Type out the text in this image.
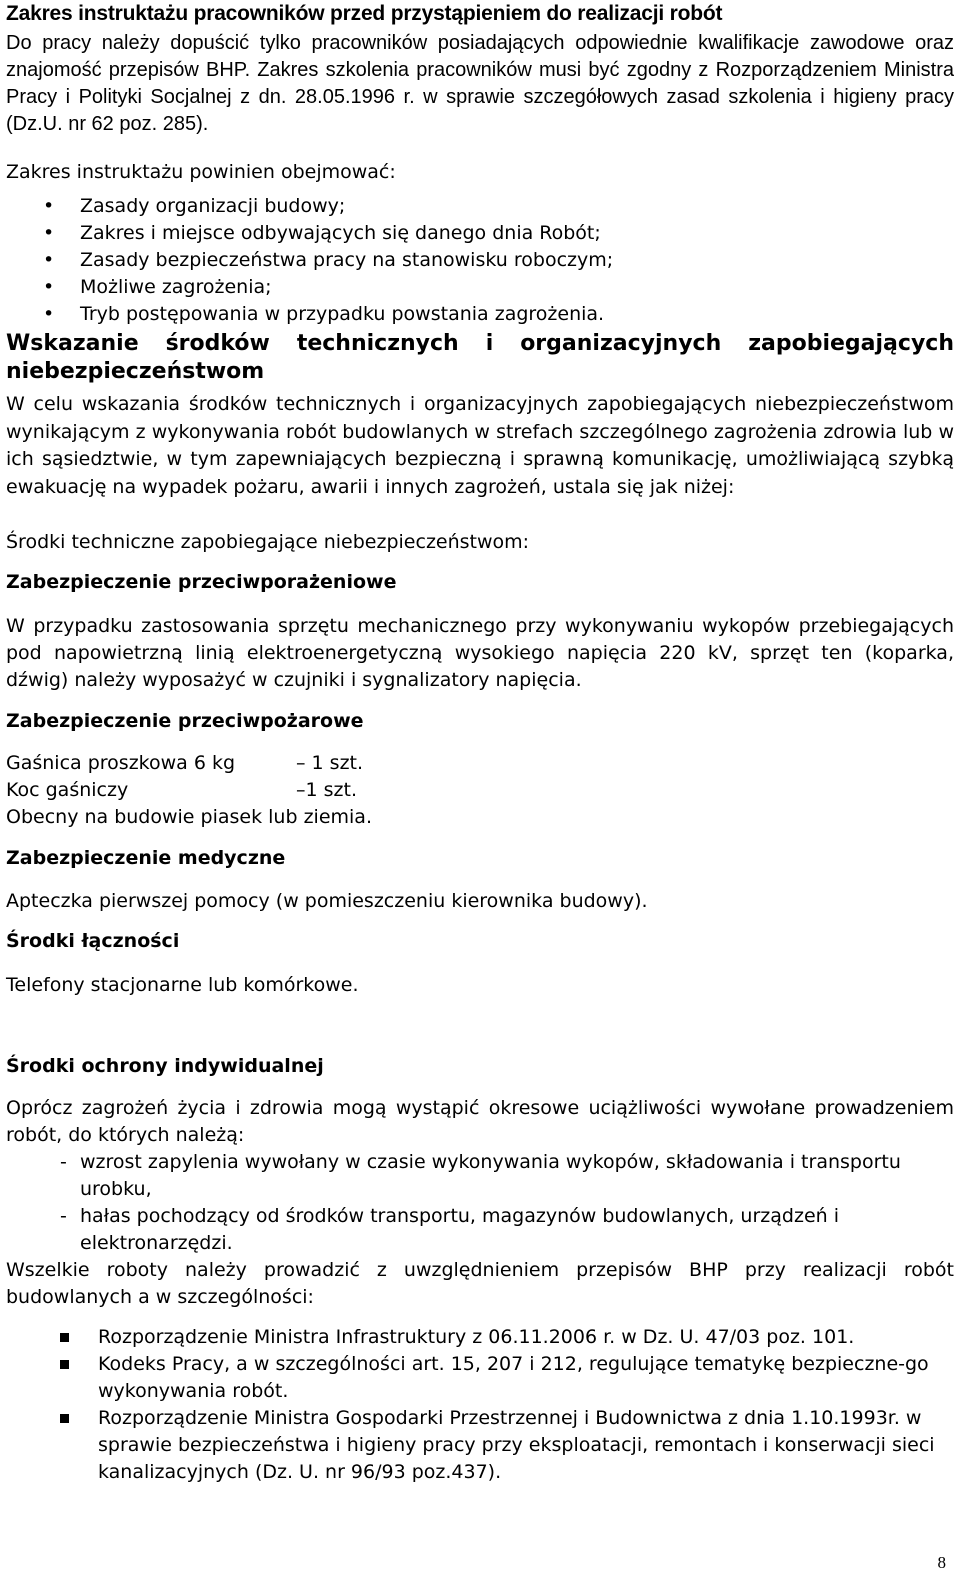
Zakres instruktażu pracowników przed przystąpieniem do realizacji robót

Do pracy należy dopuścić tylko pracowników posiadających odpowiednie kwalifikacje zawodowe oraz znajomość przepisów BHP. Zakres szkolenia pracowników musi być zgodny z Rozporządzeniem Ministra Pracy i Polityki Socjalnej z dn. 28.05.1996 r. w sprawie szczegółowych zasad szkolenia i higieny pracy (Dz.U. nr 62 poz. 285).

Zakres instruktażu powinien obejmować:
• Zasady organizacji budowy;
• Zakres i miejsce odbywających się danego dnia Robót;
• Zasady bezpieczeństwa pracy na stanowisku roboczym;
• Możliwe zagrożenia;
• Tryb postępowania w przypadku powstania zagrożenia.
Wskazanie środków technicznych i organizacyjnych zapobiegających niebezpieczeństwom

W celu wskazania środków technicznych i organizacyjnych zapobiegających niebezpieczeństwom wynikającym z wykonywania robót budowlanych w strefach szczególnego zagrożenia zdrowia lub w ich sąsiedztwie, w tym zapewniających bezpieczną i sprawną komunikację, umożliwiającą szybką ewakuację na wypadek pożaru, awarii i innych zagrożeń, ustala się jak niżej:

Środki techniczne zapobiegające niebezpieczeństwom:
Zabezpieczenie przeciwporażeniowe

W przypadku zastosowania sprzętu mechanicznego przy wykonywaniu wykopów przebiegających pod napowietrzną linią elektroenergetyczną wysokiego napięcia 220 kV, sprzęt ten (koparka, dźwig) należy wyposażyć w czujniki i sygnalizatory napięcia.

Zabezpieczenie przeciwpożarowe
Gaśnica proszkowa 6 kg	– 1 szt.
Koc gaśniczy	–1 szt.
Obecny na budowie piasek lub ziemia.
Zabezpieczenie medyczne

Apteczka pierwszej pomocy (w pomieszczeniu kierownika budowy).

Środki łączności

Telefony stacjonarne lub komórkowe.

Środki ochrony indywidualnej

Oprócz zagrożeń życia i zdrowia mogą wystąpić okresowe uciążliwości wywołane prowadzeniem robót, do których należą:

- wzrost zapylenia wywołany w czasie wykonywania wykopów, składowania i transportu urobku,
- hałas pochodzący od środków transportu, magazynów budowlanych, urządzeń i elektronarzędzi.

Wszelkie roboty należy prowadzić z uwzględnieniem przepisów BHP przy realizacji robót budowlanych a w szczególności:

Rozporządzenie Ministra Infrastruktury z 06.11.2006 r. w Dz. U. 47/03 poz. 101.
Kodeks Pracy, a w szczególności art. 15, 207 i 212, regulujące tematykę bezpieczne-go wykonywania robót.
Rozporządzenie Ministra Gospodarki Przestrzennej i Budownictwa z dnia 1.10.1993r. w sprawie bezpieczeństwa i higieny pracy przy eksploatacji, remontach i konserwacji sieci kanalizacyjnych (Dz. U. nr 96/93 poz.437).
8
